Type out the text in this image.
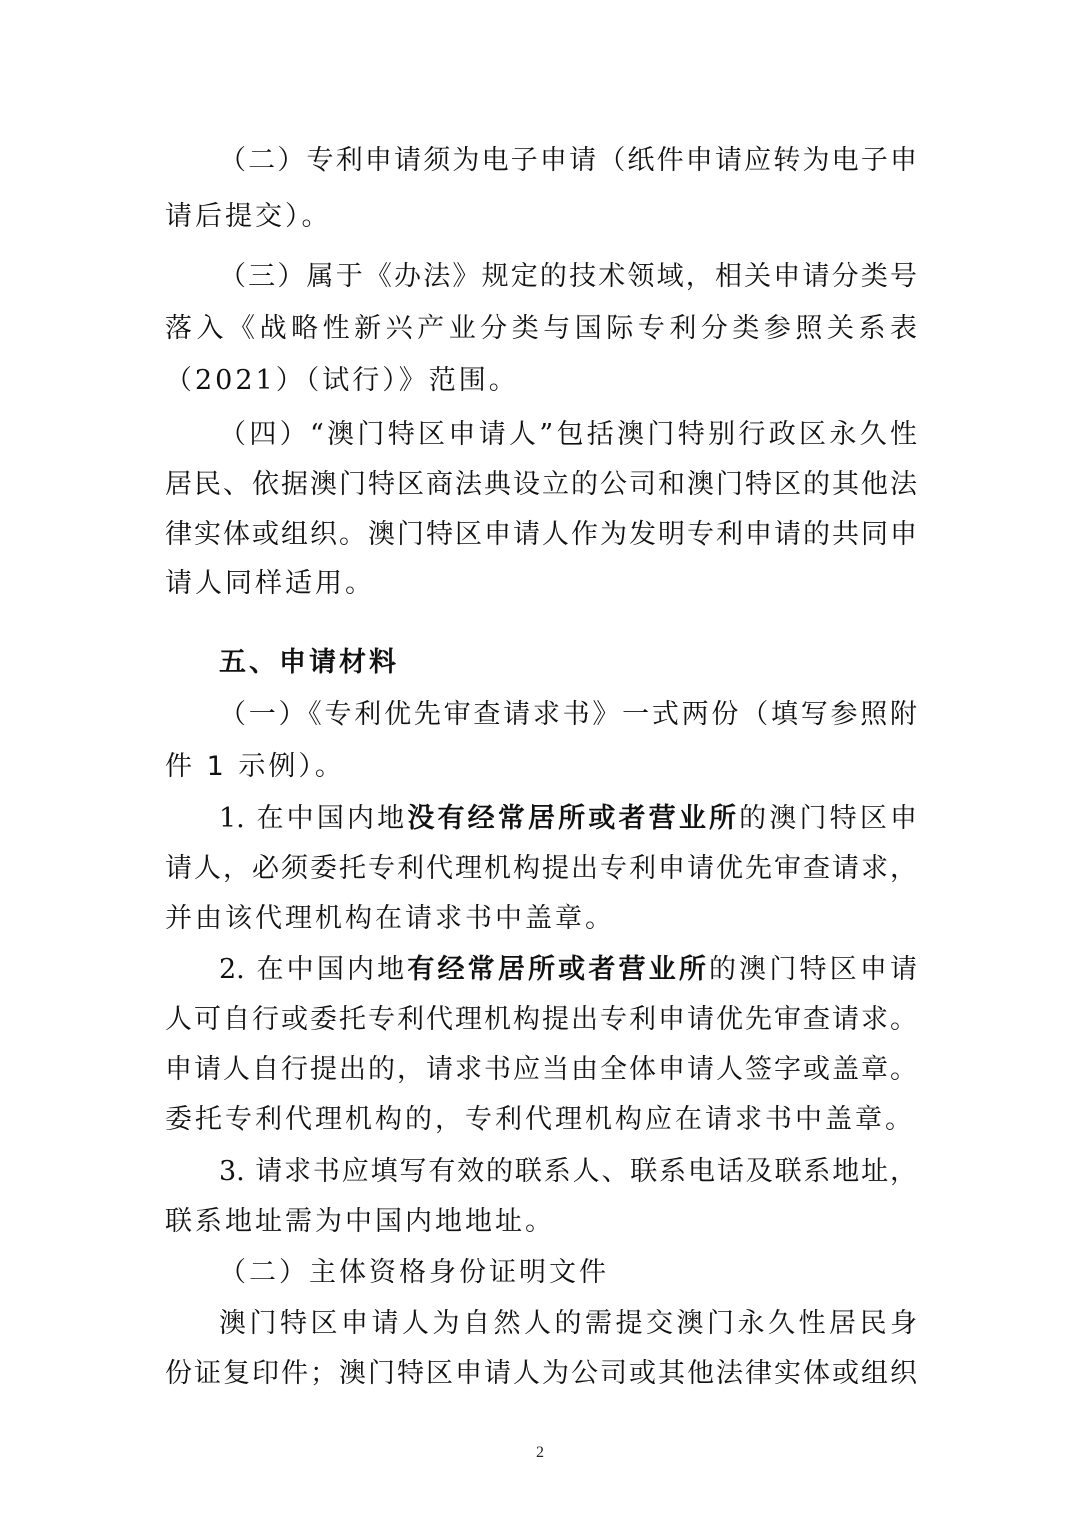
（二）专利申请须为电子申请（纸件申请应转为电子申
请后提交）。
（三）属于《办法》规定的技术领域，相关申请分类号
落入《战略性新兴产业分类与国际专利分类参照关系表
（2021）（试行）》范围。
（四）“澳门特区申请人”包括澳门特别行政区永久性
居民、依据澳门特区商法典设立的公司和澳门特区的其他法
律实体或组织。澳门特区申请人作为发明专利申请的共同申
请人同样适用。
五、申请材料
（一）《专利优先审查请求书》一式两份（填写参照附
件 1 示例）。
1. 在中国内地没有经常居所或者营业所的澳门特区申
请人，必须委托专利代理机构提出专利申请优先审查请求，
并由该代理机构在请求书中盖章。
2. 在中国内地有经常居所或者营业所的澳门特区申请
人可自行或委托专利代理机构提出专利申请优先审查请求。
申请人自行提出的，请求书应当由全体申请人签字或盖章。
委托专利代理机构的，专利代理机构应在请求书中盖章。
3. 请求书应填写有效的联系人、联系电话及联系地址，
联系地址需为中国内地地址。
（二）主体资格身份证明文件
澳门特区申请人为自然人的需提交澳门永久性居民身
份证复印件；澳门特区申请人为公司或其他法律实体或组织
2
